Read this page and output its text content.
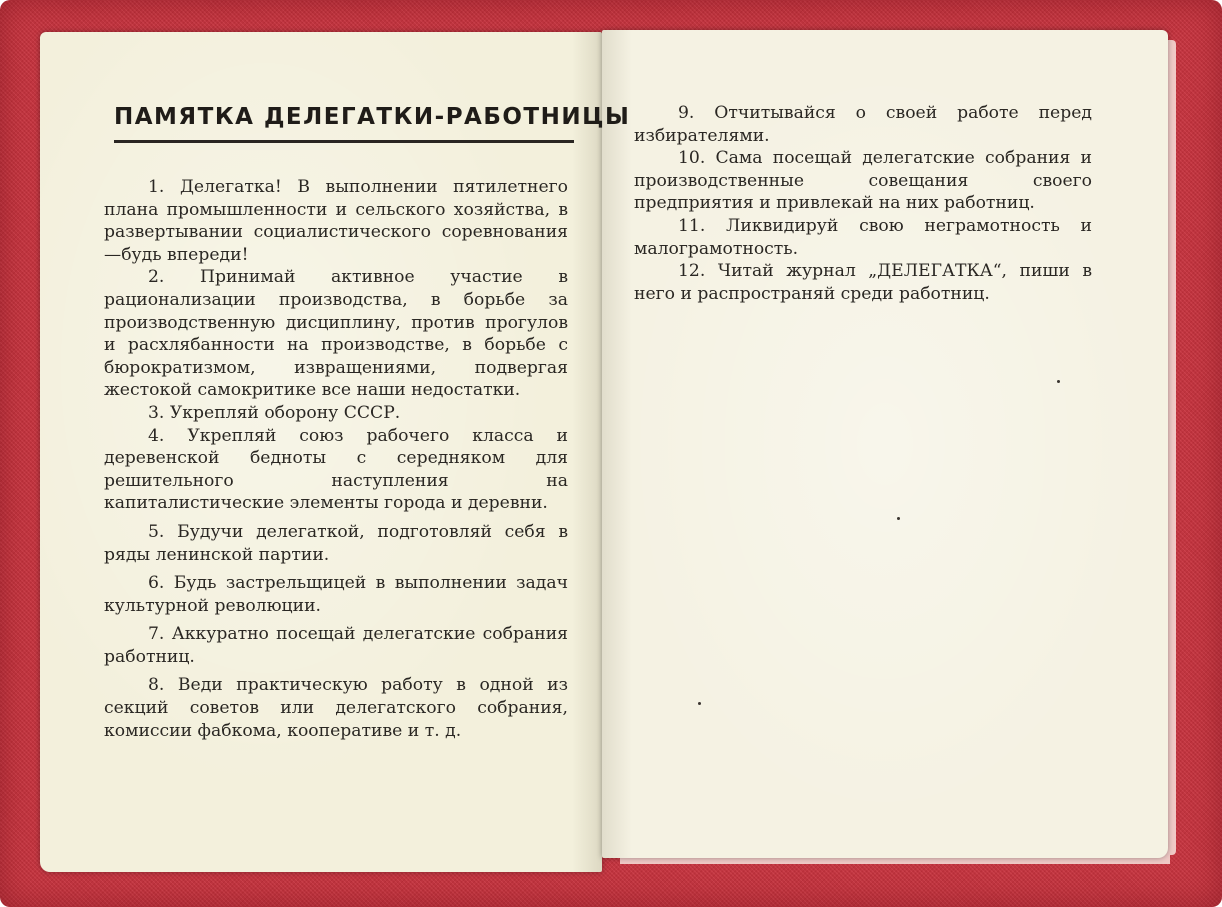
ПАМЯТКА ДЕЛЕГАТКИ-РАБОТНИЦЫ

1. Делегатка! В выполнении пятилетнего плана промышленности и сельского хозяйства, в развертывании социалистического соревнования—будь впереди!

2. Принимай активное участие в рационализации производства, в борьбе за производственную дисциплину, против прогулов и расхлябанности на производстве, в борьбе с бюрократизмом, извращениями, подвергая жестокой самокритике все наши недостатки.

3. Укрепляй оборону СССР.

4. Укрепляй союз рабочего класса и деревенской бедноты с середняком для решительного наступления на капиталистические элементы города и деревни.

5. Будучи делегаткой, подготовляй себя в ряды ленинской партии.

6. Будь застрельщицей в выполнении задач культурной революции.

7. Аккуратно посещай делегатские собрания работниц.

8. Веди практическую работу в одной из секций советов или делегатского собрания, комиссии фабкома, кооперативе и т. д.

9. Отчитывайся о своей работе перед избирателями.

10. Сама посещай делегатские собрания и производственные совещания своего предприятия и привлекай на них работниц.

11. Ликвидируй свою неграмотность и малограмотность.

12. Читай журнал „ДЕЛЕГАТКА“, пиши в него и распространяй среди работниц.
